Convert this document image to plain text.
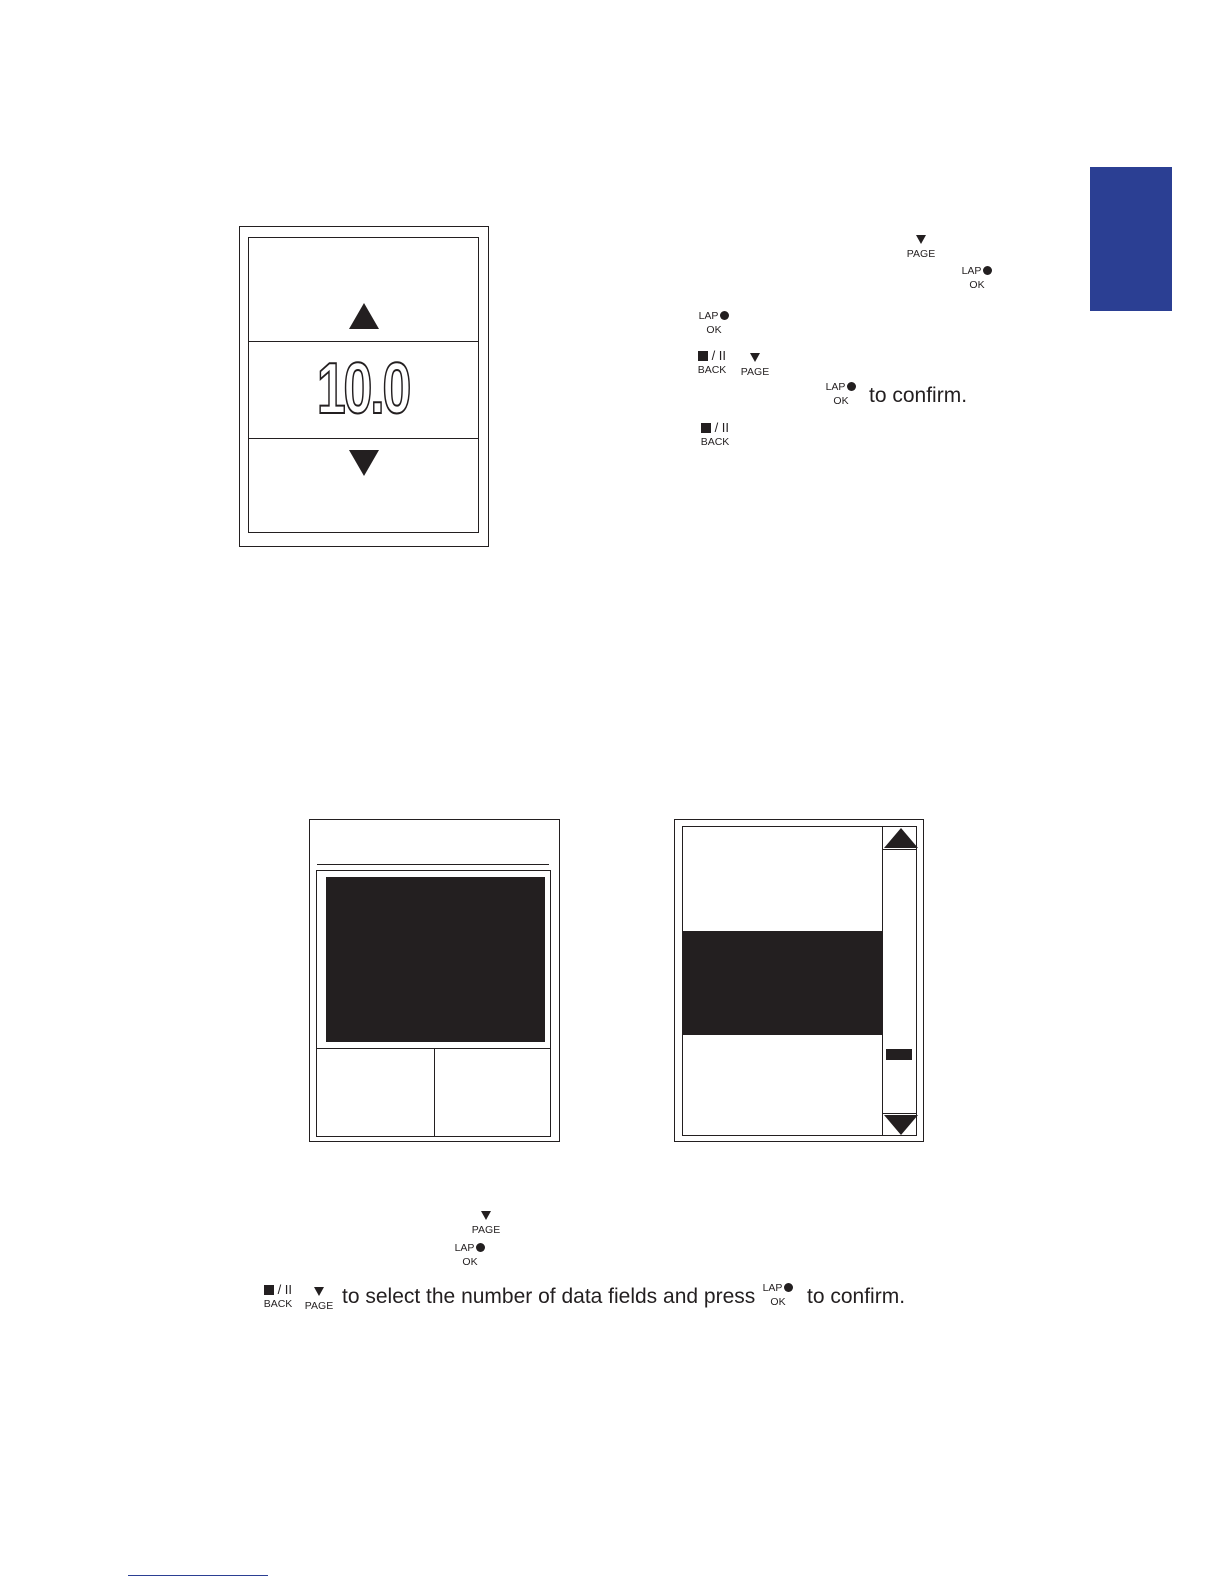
10.0
PAGE
LAP
OK
LAP
OK
/ II
BACK	PAGE
LAP
OK to confirm.
/ II
BACK
PAGE
LAP
OK
/ II
BACK	PAGE to select the number of data fields and press LAP
OK	to confirm.
